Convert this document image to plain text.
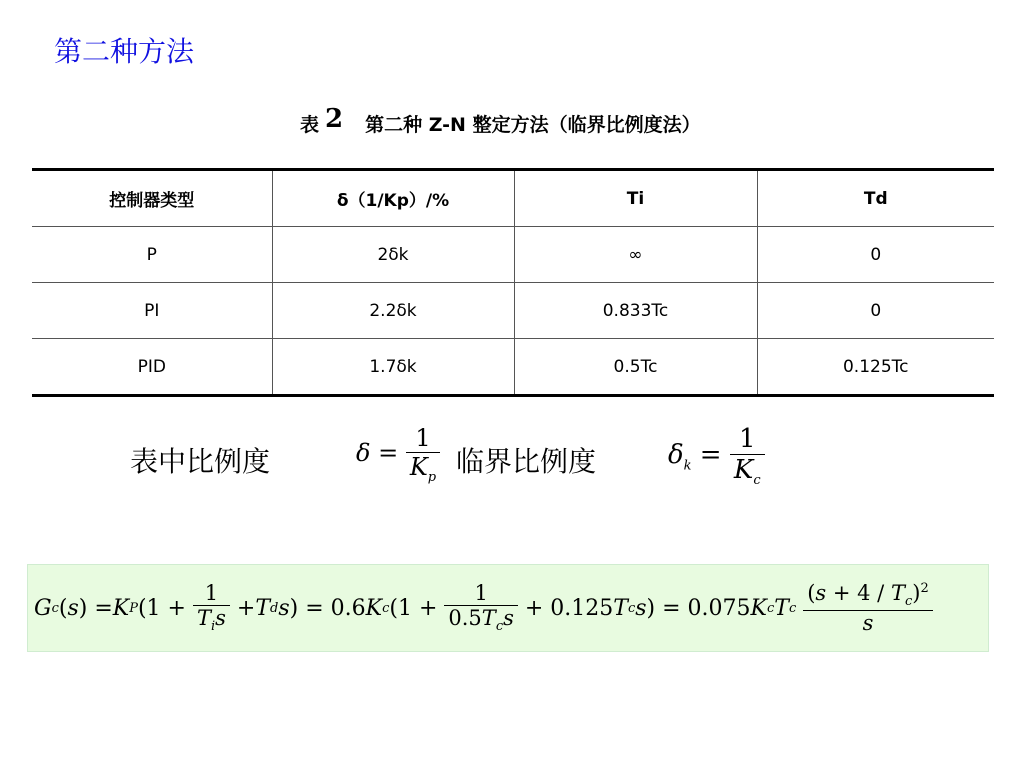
第二种方法
表 2 第二种 Z-N 整定方法（临界比例度法）
控制器类型	δ（1/Kp）/%	Ti	Td
P	2δk	∞	0
PI	2.2δk	0.833Tc	0
PID	1.7δk	0.5Tc	0.125Tc
表中比例度	$\delta = \frac{1}{K_p}$ 临界比例度	$\delta_k = \frac{1}{K_c}$
G c ( s ) = K P ($1 + \frac{1}{T_is} + T$ d s ) = 0.6 K c ($1 + \frac{1}{0.5T_cs} + 0.125$ T c s ) = 0.075 K c T c
$\frac{(s + 4 / T_c)^2}{s}$
